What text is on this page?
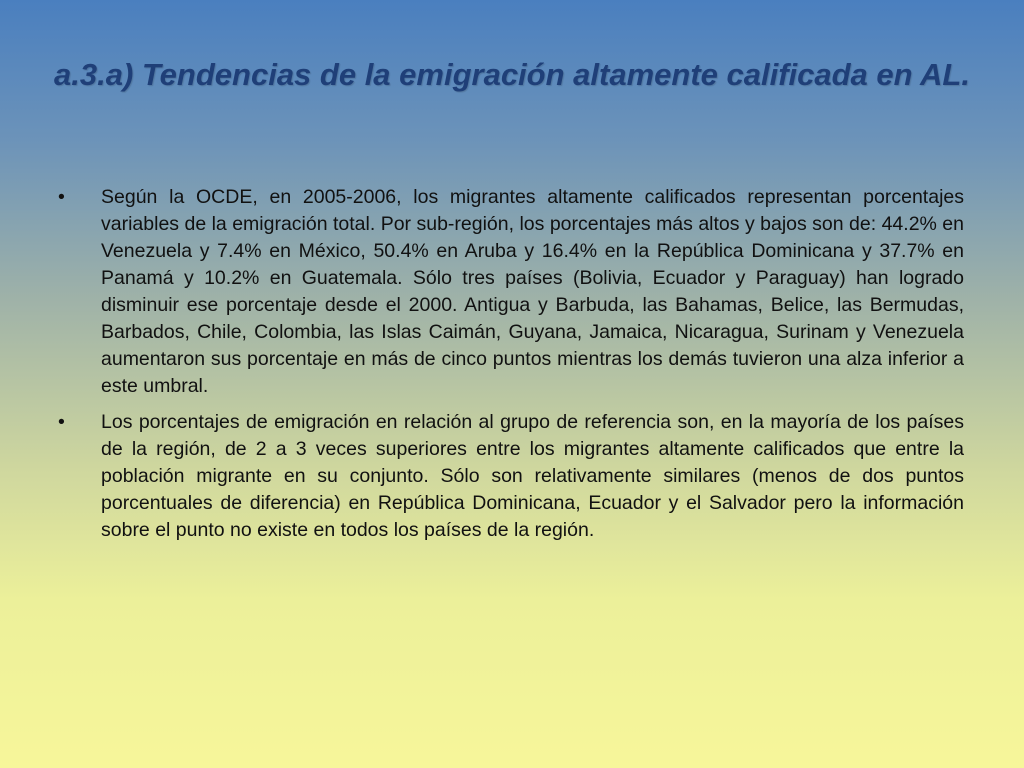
a.3.a) Tendencias de la emigración altamente calificada en AL.
•	Según la OCDE, en 2005-2006, los migrantes altamente calificados representan porcentajes variables de la emigración total. Por sub-región, los porcentajes más altos y bajos son de: 44.2% en Venezuela y 7.4% en México, 50.4% en Aruba y 16.4% en la República Dominicana y 37.7% en Panamá y 10.2% en Guatemala. Sólo tres países (Bolivia, Ecuador y Paraguay) han logrado disminuir ese porcentaje desde el 2000. Antigua y Barbuda, las Bahamas, Belice, las Bermudas, Barbados, Chile, Colombia, las Islas Caimán, Guyana, Jamaica, Nicaragua, Surinam y Venezuela aumentaron sus porcentaje en más de cinco puntos mientras los demás tuvieron una alza inferior a este umbral.
•	Los porcentajes de emigración en relación al grupo de referencia son, en la mayoría de los países de la región, de 2 a 3 veces superiores entre los migrantes altamente calificados que entre la población migrante en su conjunto. Sólo son relativamente similares (menos de dos puntos porcentuales de diferencia) en República Dominicana, Ecuador y el Salvador pero la información sobre el punto no existe en todos los países de la región.
